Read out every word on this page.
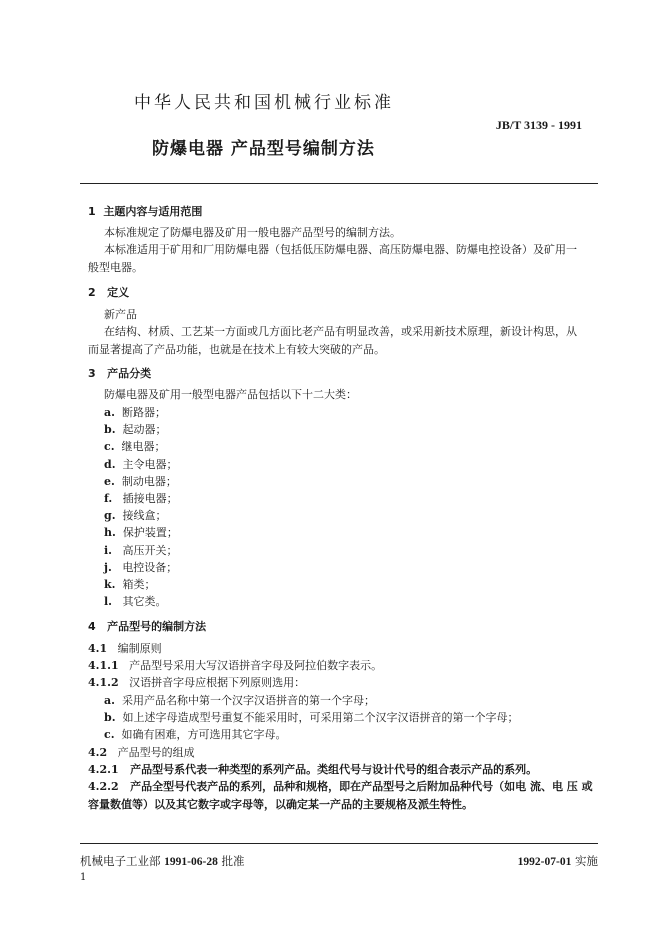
中华人民共和国机械行业标准
JB/T 3139 - 1991
防爆电器 产品型号编制方法
1 主题内容与适用范围
本标准规定了防爆电器及矿用一般电器产品型号的编制方法。
本标准适用于矿用和厂用防爆电器（包括低压防爆电器、高压防爆电器、防爆电控设备）及矿用一
般型电器。
2 定义
新产品
在结构、材质、工艺某一方面或几方面比老产品有明显改善，或采用新技术原理，新设计构思，从
而显著提高了产品功能，也就是在技术上有较大突破的产品。
3 产品分类
防爆电器及矿用一般型电器产品包括以下十二大类：
a. 断路器；
b. 起动器；
c. 继电器；
d. 主令电器；
e. 制动电器；
f. 插接电器；
g. 接线盒；
h. 保护装置；
i. 高压开关；
j. 电控设备；
k. 箱类；
l. 其它类。
4 产品型号的编制方法
4.1 编制原则
4.1.1 产品型号采用大写汉语拼音字母及阿拉伯数字表示。
4.1.2 汉语拼音字母应根据下列原则选用：
a. 采用产品名称中第一个汉字汉语拼音的第一个字母；
b. 如上述字母造成型号重复不能采用时，可采用第二个汉字汉语拼音的第一个字母；
c. 如确有困难，方可选用其它字母。
4.2 产品型号的组成
4.2.1 产品型号系代表一种类型的系列产品。类组代号与设计代号的组合表示产品的系列。
4.2.2 产品全型号代表产品的系列，品种和规格，即在产品型号之后附加品种代号（如电 流、电 压 或
容量数值等）以及其它数字或字母等，以确定某一产品的主要规格及派生特性。
机械电子工业部 1991-06-28 批准	1992-07-01 实施
1
